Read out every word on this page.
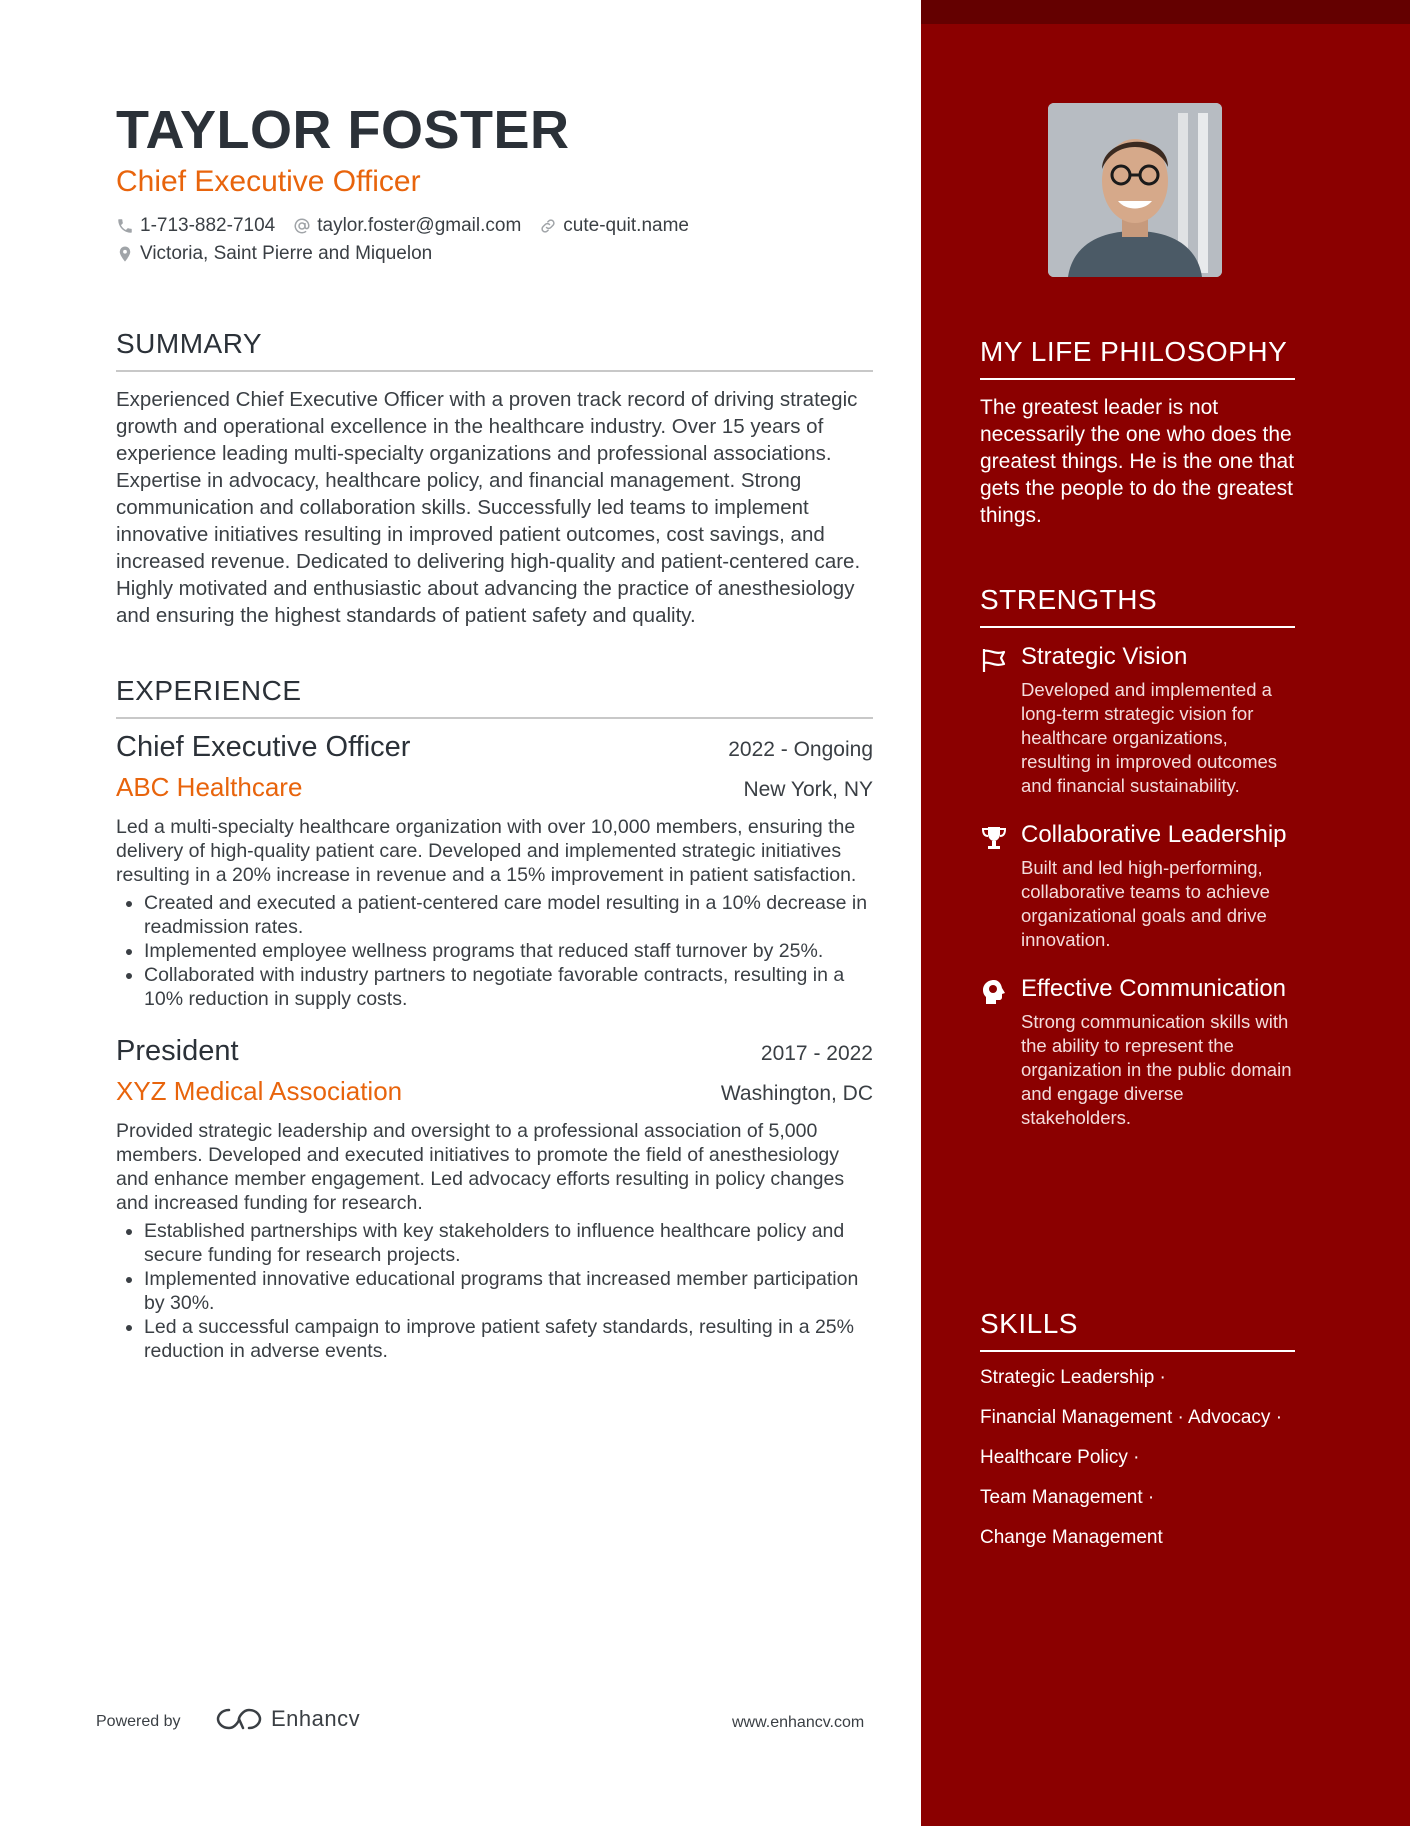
TAYLOR FOSTER
Chief Executive Officer
1-713-882-7104 taylor.foster@gmail.com cute-quit.name
Victoria, Saint Pierre and Miquelon
SUMMARY
Experienced Chief Executive Officer with a proven track record of driving strategic growth and operational excellence in the healthcare industry. Over 15 years of experience leading multi-specialty organizations and professional associations. Expertise in advocacy, healthcare policy, and financial management. Strong communication and collaboration skills. Successfully led teams to implement innovative initiatives resulting in improved patient outcomes, cost savings, and increased revenue. Dedicated to delivering high-quality and patient-centered care. Highly motivated and enthusiastic about advancing the practice of anesthesiology and ensuring the highest standards of patient safety and quality.
EXPERIENCE
Chief Executive Officer	2022 - Ongoing
ABC Healthcare	New York, NY
Led a multi-specialty healthcare organization with over 10,000 members, ensuring the delivery of high-quality patient care. Developed and implemented strategic initiatives resulting in a 20% increase in revenue and a 15% improvement in patient satisfaction.
• Created and executed a patient-centered care model resulting in a 10% decrease in readmission rates.
• Implemented employee wellness programs that reduced staff turnover by 25%.
• Collaborated with industry partners to negotiate favorable contracts, resulting in a 10% reduction in supply costs.
President	2017 - 2022
XYZ Medical Association	Washington, DC
Provided strategic leadership and oversight to a professional association of 5,000 members. Developed and executed initiatives to promote the field of anesthesiology and enhance member engagement. Led advocacy efforts resulting in policy changes and increased funding for research.
• Established partnerships with key stakeholders to influence healthcare policy and secure funding for research projects.
• Implemented innovative educational programs that increased member participation by 30%.
• Led a successful campaign to improve patient safety standards, resulting in a 25% reduction in adverse events.
MY LIFE PHILOSOPHY
The greatest leader is not necessarily the one who does the greatest things. He is the one that gets the people to do the greatest things.
STRENGTHS
Strategic Vision
Developed and implemented a long-term strategic vision for healthcare organizations, resulting in improved outcomes and financial sustainability.
Collaborative Leadership
Built and led high-performing, collaborative teams to achieve organizational goals and drive innovation.
Effective Communication
Strong communication skills with the ability to represent the organization in the public domain and engage diverse stakeholders.
SKILLS
Strategic Leadership ·
Financial Management · Advocacy ·
Healthcare Policy ·
Team Management ·
Change Management
Powered by	Enhancv	www.enhancv.com
